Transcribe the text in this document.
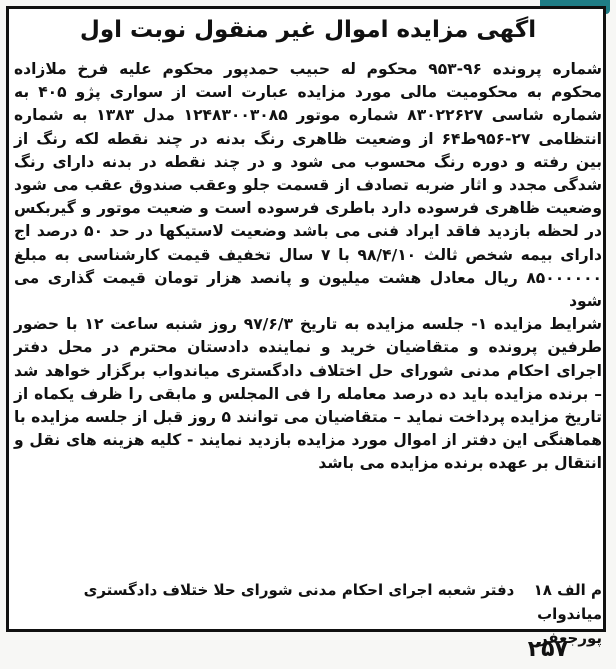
اگهی مزایده اموال غیر منقول نوبت اول

شماره پرونده ۹۶-۹۵۳ محکوم له حبیب حمدپور محکوم علیه فرخ ملازاده محکوم به محکومیت مالی مورد مزایده عبارت است از سواری پژو ۴۰۵ به شماره شاسی ۸۳۰۲۲۶۲۷ شماره موتور ۱۲۴۸۳۰۰۳۰۸۵ مدل ۱۳۸۳ به شماره انتظامی ۲۷-۹۵۶ط۶۴ از وضعیت ظاهری رنگ بدنه در چند نقطه لکه رنگ از بین رفته و دوره رنگ محسوب می شود و در چند نقطه در بدنه دارای رنگ شدگی مجدد و اثار ضربه تصادف از قسمت جلو وعقب صندوق عقب می شود وضعیت ظاهری فرسوده دارد باطری فرسوده است و ضعیت موتور و گیربکس در لحظه بازدید فاقد ایراد فنی می باشد وضعیت لاستیکها در حد ۵۰ درصد اج دارای بیمه شخص ثالث ۹۸/۴/۱۰ با ۷ سال تخفیف قیمت کارشناسی به مبلغ ۸۵۰۰۰۰۰۰ ریال معادل هشت میلیون و پانصد هزار تومان قیمت گذاری می شود

شرایط مزایده ۱- جلسه مزایده به تاریخ ۹۷/۶/۳ روز شنبه ساعت ۱۲ با حضور طرفین پرونده و متقاضیان خرید و نماینده دادستان محترم در محل دفتر اجرای احکام مدنی شورای حل اختلاف دادگستری میاندواب برگزار خواهد شد – برنده مزایده باید ده درصد معامله را فی المجلس و مابقی را ظرف یکماه از تاریخ مزایده پرداخت نماید – متقاضیان می توانند ۵ روز قبل از جلسه مزایده با هماهنگی این دفتر از اموال مورد مزایده بازدید نمایند - کلیه هزینه های نقل و انتقال بر عهده برنده مزایده می باشد

م الف ۱۸ دفتر شعبه اجرای احکام مدنی شورای حلا ختلاف دادگستری میاندواب
پورجعفر
۲۵۷
